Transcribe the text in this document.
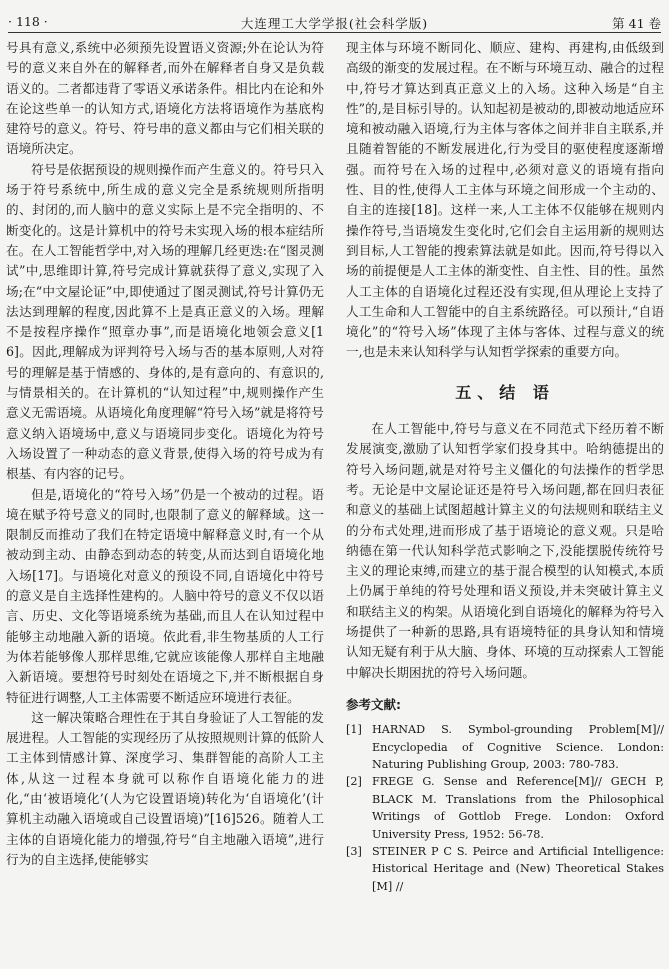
· 118 ·	大连理工大学学报(社会科学版)	第 41 卷

号具有意义,系统中必须预先设置语义资源;外在论认为符号的意义来自外在的解释者,而外在解释者自身又是负载语义的。二者都违背了零语义承诺条件。相比内在论和外在论这些单一的认知方式,语境化方法将语境作为基底构建符号的意义。符号、符号串的意义都由与它们相关联的语境所决定。

符号是依据预设的规则操作而产生意义的。符号只入场于符号系统中,所生成的意义完全是系统规则所指明的、封闭的,而人脑中的意义实际上是不完全指明的、不断变化的。这是计算机中的符号未实现入场的根本症结所在。在人工智能哲学中,对入场的理解几经更迭:在“图灵测试”中,思维即计算,符号完成计算就获得了意义,实现了入场;在“中文屋论证”中,即使通过了图灵测试,符号计算仍无法达到理解的程度,因此算不上是真正意义的入场。理解不是按程序操作“照章办事”,而是语境化地领会意义[16]。因此,理解成为评判符号入场与否的基本原则,人对符号的理解是基于情感的、身体的,是有意向的、有意识的,与情景相关的。在计算机的“认知过程”中,规则操作产生意义无需语境。从语境化角度理解“符号入场”就是将符号意义纳入语境场中,意义与语境同步变化。语境化为符号入场设置了一种动态的意义背景,使得入场的符号成为有根基、有内容的记号。

但是,语境化的“符号入场”仍是一个被动的过程。语境在赋予符号意义的同时,也限制了意义的解释域。这一限制反而推动了我们在特定语境中解释意义时,有一个从被动到主动、由静态到动态的转变,从而达到自语境化地入场[17]。与语境化对意义的预设不同,自语境化中符号的意义是自主选择性建构的。人脑中符号的意义不仅以语言、历史、文化等语境系统为基础,而且人在认知过程中能够主动地融入新的语境。依此看,非生物基质的人工行为体若能够像人那样思维,它就应该能像人那样自主地融入新语境。要想符号时刻处在语境之下,并不断根据自身特征进行调整,人工主体需要不断适应环境进行表征。

这一解决策略合理性在于其自身验证了人工智能的发展进程。人工智能的实现经历了从按照规则计算的低阶人工主体到情感计算、深度学习、集群智能的高阶人工主体,从这一过程本身就可以称作自语境化能力的进化,“由‘被语境化’(人为它设置语境)转化为‘自语境化’(计算机主动融入语境或自己设置语境)”[16]526。随着人工主体的自语境化能力的增强,符号“自主地融入语境”,进行行为的自主选择,使能够实

现主体与环境不断同化、顺应、建构、再建构,由低级到高级的渐变的发展过程。在不断与环境互动、融合的过程中,符号才算达到真正意义上的入场。这种入场是“自主性”的,是目标引导的。认知起初是被动的,即被动地适应环境和被动融入语境,行为主体与客体之间并非自主联系,并且随着智能的不断发展进化,行为受目的驱使程度逐渐增强。而符号在入场的过程中,必须对意义的语境有指向性、目的性,使得人工主体与环境之间形成一个主动的、自主的连接[18]。这样一来,人工主体不仅能够在规则内操作符号,当语境发生变化时,它们会自主运用新的规则达到目标,人工智能的搜索算法就是如此。因而,符号得以入场的前提便是人工主体的渐变性、自主性、目的性。虽然人工主体的自语境化过程还没有实现,但从理论上支持了人工生命和人工智能中的自主系统路径。可以预计,“自语境化”的“符号入场”体现了主体与客体、过程与意义的统一,也是未来认知科学与认知哲学探索的重要方向。

五、结 语

在人工智能中,符号与意义在不同范式下经历着不断发展演变,激励了认知哲学家们投身其中。哈纳德提出的符号入场问题,就是对符号主义僵化的句法操作的哲学思考。无论是中文屋论证还是符号入场问题,都在回归表征和意义的基础上试图超越计算主义的句法规则和联结主义的分布式处理,进而形成了基于语境论的意义观。只是哈纳德在第一代认知科学范式影响之下,没能摆脱传统符号主义的理论束缚,而建立的基于混合模型的认知模式,本质上仍属于单纯的符号处理和语义预设,并未突破计算主义和联结主义的构架。从语境化到自语境化的解释为符号入场提供了一种新的思路,具有语境特征的具身认知和情境认知无疑有利于从大脑、身体、环境的互动探索人工智能中解决长期困扰的符号入场问题。

参考文献:
[1] HARNAD S. Symbol-grounding Problem[M]// Encyclopedia of Cognitive Science. London: Naturing Publishing Group, 2003: 780-783.
[2] FREGE G. Sense and Reference[M]// GECH P, BLACK M. Translations from the Philosophical Writings of Gottlob Frege. London: Oxford University Press, 1952: 56-78.
[3] STEINER P C S. Peirce and Artificial Intelligence: Historical Heritage and (New) Theoretical Stakes [M] //
